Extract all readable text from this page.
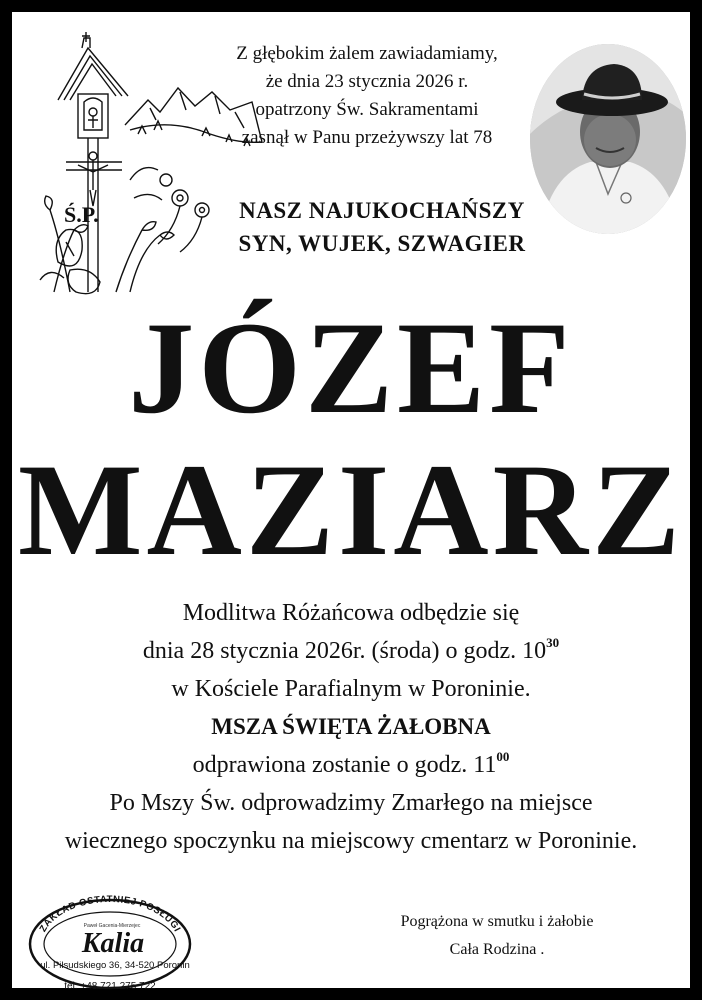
Z głębokim żalem zawiadamiamy,
że dnia 23 stycznia 2026 r.
opatrzony Św. Sakramentami
zasnął w Panu przeżywszy lat 78
Ś.P.	NASZ NAJUKOCHAŃSZY
SYN, WUJEK, SZWAGIER
JÓZEF
MAZIARZ
Modlitwa Różańcowa odbędzie się
dnia 28 stycznia 2026r. (środa) o godz. $10^{30}$
w Kościele Parafialnym w Poroninie.
MSZA ŚWIĘTA ŻAŁOBNA
odprawiona zostanie o godz. $11^{00}$
Po Mszy Św. odprowadzimy Zmarłego na miejsce
wiecznego spoczynku na miejscowy cmentarz w Poroninie.
Pogrążona w smutku i żałobie
Cała Rodzina .
ZAKŁAD OSTATNIEJ POSŁUGI
Paweł Gacenia-Mierzejec
Kalia
ul. Piłsudskiego 36, 34-520 Poronin
tel. +48 721 275 722
